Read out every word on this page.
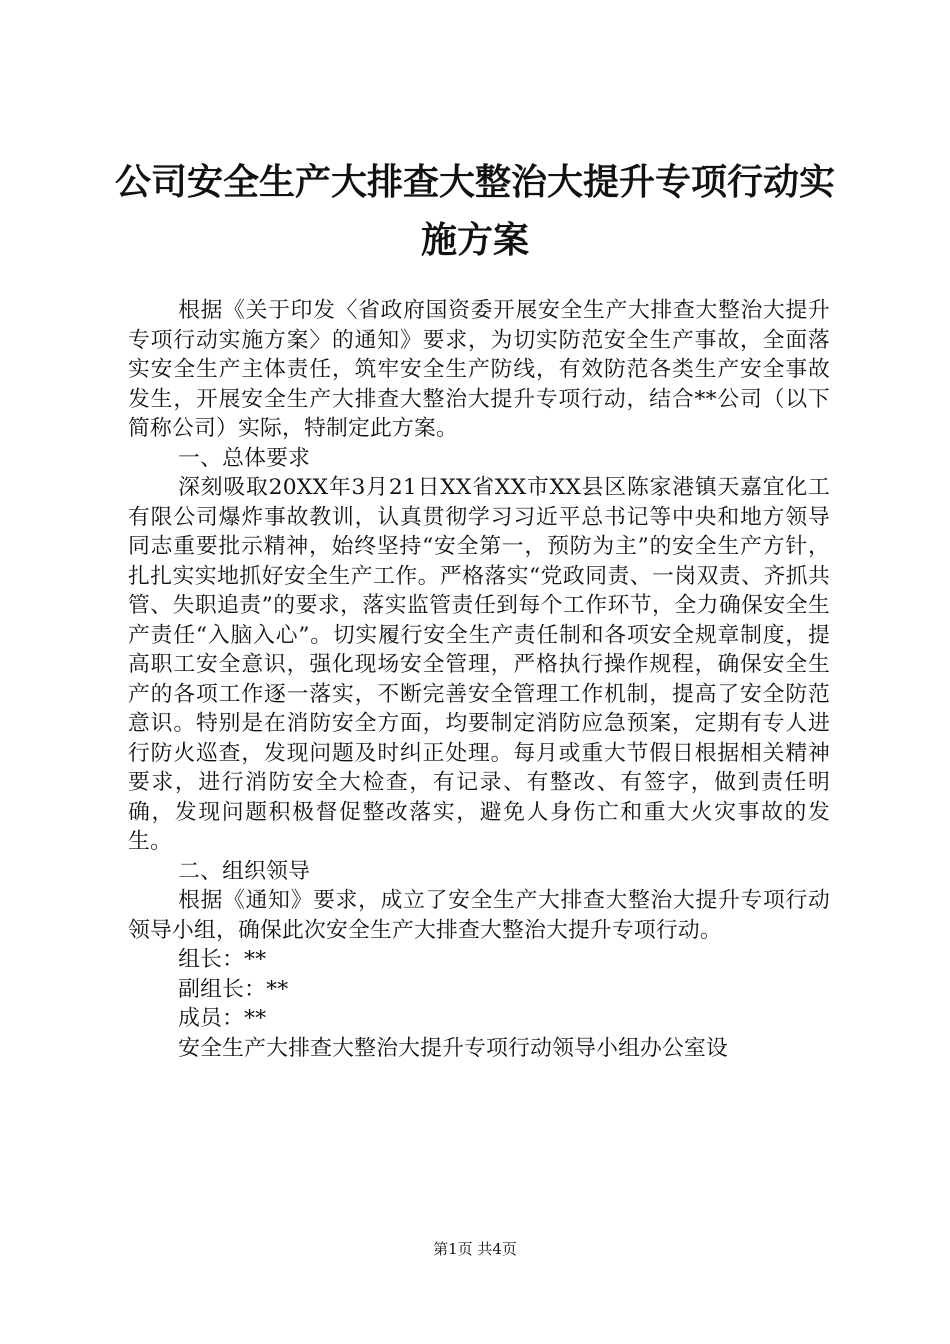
公司安全生产大排查大整治大提升专项行动实
施方案

根据《关于印发〈省政府国资委开展安全生产大排查大整治大提升专项行动实施方案〉的通知》要求，为切实防范安全生产事故，全面落实安全生产主体责任，筑牢安全生产防线，有效防范各类生产安全事故发生，开展安全生产大排查大整治大提升专项行动，结合**公司（以下简称公司）实际，特制定此方案。

一、总体要求

深刻吸取20XX年3月21日XX省XX市XX县区陈家港镇天嘉宜化工有限公司爆炸事故教训，认真贯彻学习习近平总书记等中央和地方领导同志重要批示精神，始终坚持“安全第一，预防为主”的安全生产方针，扎扎实实地抓好安全生产工作。严格落实“党政同责、一岗双责、齐抓共管、失职追责”的要求，落实监管责任到每个工作环节，全力确保安全生产责任“入脑入心”。切实履行安全生产责任制和各项安全规章制度，提高职工安全意识，强化现场安全管理，严格执行操作规程，确保安全生产的各项工作逐一落实，不断完善安全管理工作机制，提高了安全防范意识。特别是在消防安全方面，均要制定消防应急预案，定期有专人进行防火巡查，发现问题及时纠正处理。每月或重大节假日根据相关精神要求，进行消防安全大检查，有记录、有整改、有签字，做到责任明确，发现问题积极督促整改落实，避免人身伤亡和重大火灾事故的发生。

二、组织领导

根据《通知》要求，成立了安全生产大排查大整治大提升专项行动领导小组，确保此次安全生产大排查大整治大提升专项行动。

组长：**

副组长：**

成员：**

安全生产大排查大整治大提升专项行动领导小组办公室设

第1页 共4页
